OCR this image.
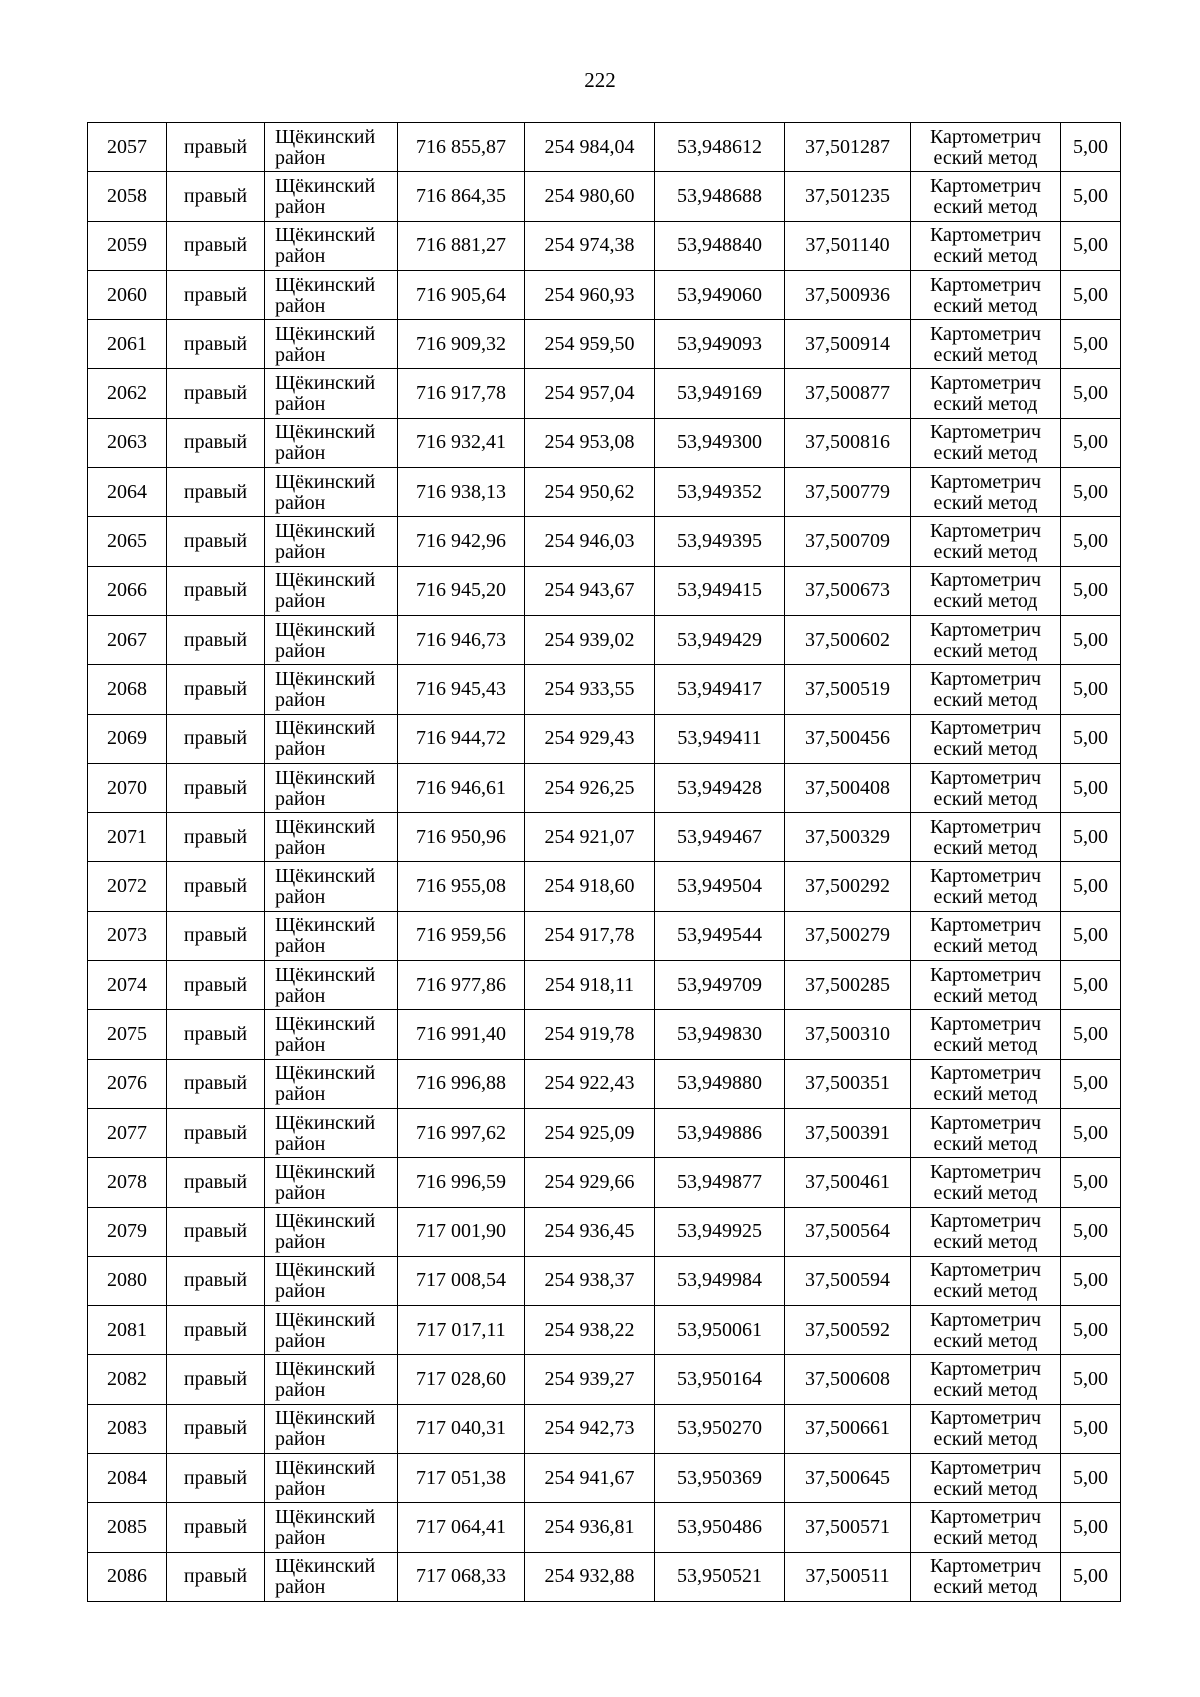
222
2057	правый	Щёкинский район	716 855,87	254 984,04	53,948612	37,501287	Картометрич еский метод	5,00
2058	правый	Щёкинский район	716 864,35	254 980,60	53,948688	37,501235	Картометрич еский метод	5,00
2059	правый	Щёкинский район	716 881,27	254 974,38	53,948840	37,501140	Картометрич еский метод	5,00
2060	правый	Щёкинский район	716 905,64	254 960,93	53,949060	37,500936	Картометрич еский метод	5,00
2061	правый	Щёкинский район	716 909,32	254 959,50	53,949093	37,500914	Картометрич еский метод	5,00
2062	правый	Щёкинский район	716 917,78	254 957,04	53,949169	37,500877	Картометрич еский метод	5,00
2063	правый	Щёкинский район	716 932,41	254 953,08	53,949300	37,500816	Картометрич еский метод	5,00
2064	правый	Щёкинский район	716 938,13	254 950,62	53,949352	37,500779	Картометрич еский метод	5,00
2065	правый	Щёкинский район	716 942,96	254 946,03	53,949395	37,500709	Картометрич еский метод	5,00
2066	правый	Щёкинский район	716 945,20	254 943,67	53,949415	37,500673	Картометрич еский метод	5,00
2067	правый	Щёкинский район	716 946,73	254 939,02	53,949429	37,500602	Картометрич еский метод	5,00
2068	правый	Щёкинский район	716 945,43	254 933,55	53,949417	37,500519	Картометрич еский метод	5,00
2069	правый	Щёкинский район	716 944,72	254 929,43	53,949411	37,500456	Картометрич еский метод	5,00
2070	правый	Щёкинский район	716 946,61	254 926,25	53,949428	37,500408	Картометрич еский метод	5,00
2071	правый	Щёкинский район	716 950,96	254 921,07	53,949467	37,500329	Картометрич еский метод	5,00
2072	правый	Щёкинский район	716 955,08	254 918,60	53,949504	37,500292	Картометрич еский метод	5,00
2073	правый	Щёкинский район	716 959,56	254 917,78	53,949544	37,500279	Картометрич еский метод	5,00
2074	правый	Щёкинский район	716 977,86	254 918,11	53,949709	37,500285	Картометрич еский метод	5,00
2075	правый	Щёкинский район	716 991,40	254 919,78	53,949830	37,500310	Картометрич еский метод	5,00
2076	правый	Щёкинский район	716 996,88	254 922,43	53,949880	37,500351	Картометрич еский метод	5,00
2077	правый	Щёкинский район	716 997,62	254 925,09	53,949886	37,500391	Картометрич еский метод	5,00
2078	правый	Щёкинский район	716 996,59	254 929,66	53,949877	37,500461	Картометрич еский метод	5,00
2079	правый	Щёкинский район	717 001,90	254 936,45	53,949925	37,500564	Картометрич еский метод	5,00
2080	правый	Щёкинский район	717 008,54	254 938,37	53,949984	37,500594	Картометрич еский метод	5,00
2081	правый	Щёкинский район	717 017,11	254 938,22	53,950061	37,500592	Картометрич еский метод	5,00
2082	правый	Щёкинский район	717 028,60	254 939,27	53,950164	37,500608	Картометрич еский метод	5,00
2083	правый	Щёкинский район	717 040,31	254 942,73	53,950270	37,500661	Картометрич еский метод	5,00
2084	правый	Щёкинский район	717 051,38	254 941,67	53,950369	37,500645	Картометрич еский метод	5,00
2085	правый	Щёкинский район	717 064,41	254 936,81	53,950486	37,500571	Картометрич еский метод	5,00
2086	правый	Щёкинский район	717 068,33	254 932,88	53,950521	37,500511	Картометрич еский метод	5,00
